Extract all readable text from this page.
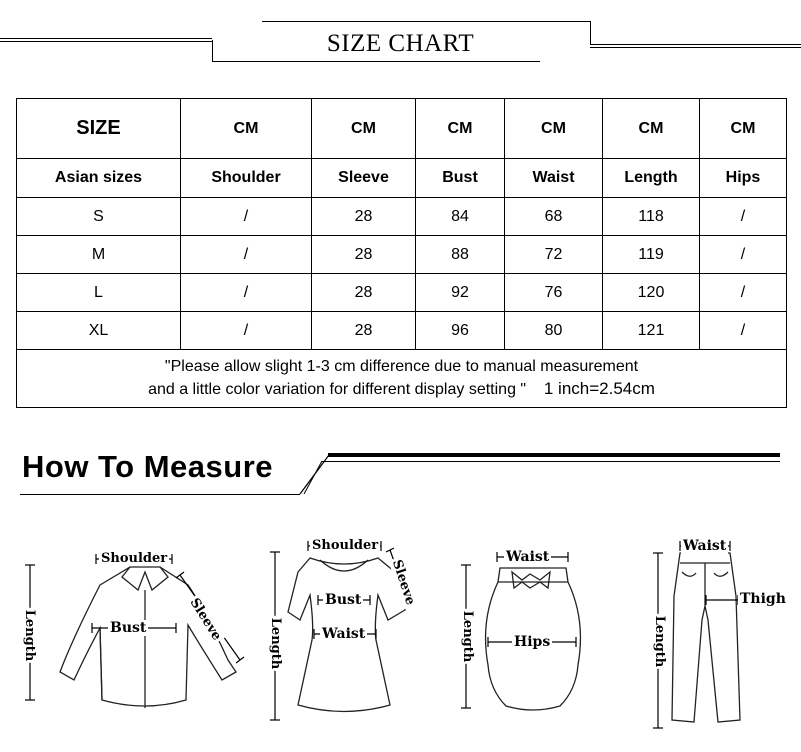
SIZE CHART
SIZE	CM	CM	CM	CM	CM	CM
Asian sizes	Shoulder	Sleeve	Bust	Waist	Length	Hips
S	/	28	84	68	118	/
M	/	28	88	72	119	/
L	/	28	92	76	120	/
XL	/	28	96	80	121	/

"Please allow slight 1-3 cm difference due to manual measurement
and a little color variation for different display setting " 1 inch=2.54cm						
How To Measure
Shoulder
Bust	Sleeve
Length
Shoulder
Bust
Waist
Sleeve
Length
Waist
Hips
Length
Waist
Thigh
Length
